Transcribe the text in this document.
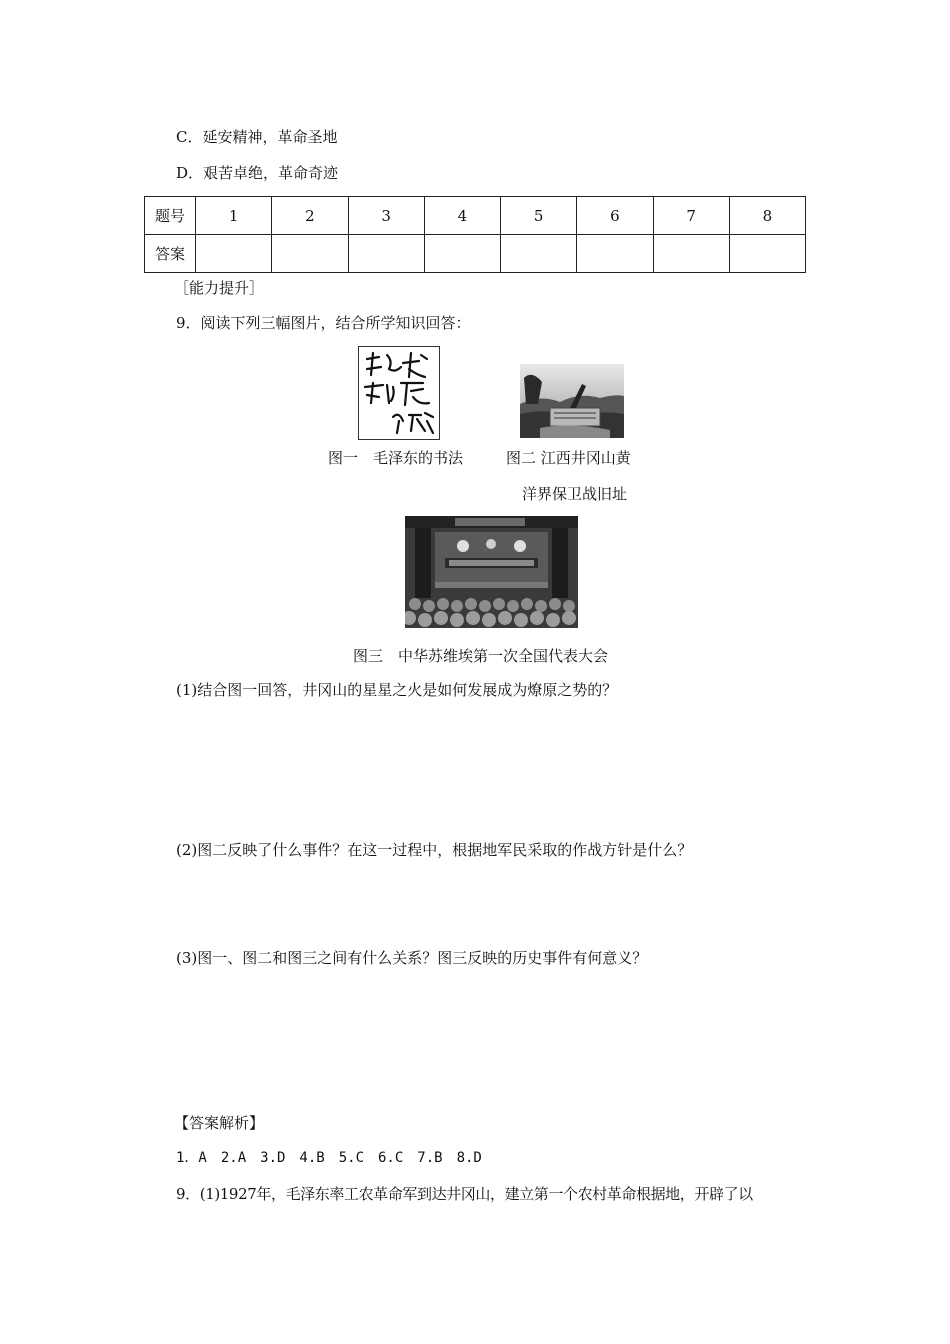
C．延安精神，革命圣地
D．艰苦卓绝，革命奇迹
题号	1	2	3	4	5	6	7	8
答案								
［能力提升］
9．阅读下列三幅图片，结合所学知识回答：
图一　毛泽东的书法	图二 江西井冈山黄
洋界保卫战旧址
图三　中华苏维埃第一次全国代表大会
(1)结合图一回答，井冈山的星星之火是如何发展成为燎原之势的？
(2)图二反映了什么事件？在这一过程中，根据地军民采取的作战方针是什么？
(3)图一、图二和图三之间有什么关系？图三反映的历史事件有何意义？
【答案解析】
1．A　2.A　3.D　4.B　5.C　6.C　7.B　8.D
9．(1)1927年，毛泽东率工农革命军到达井冈山，建立第一个农村革命根据地，开辟了以
